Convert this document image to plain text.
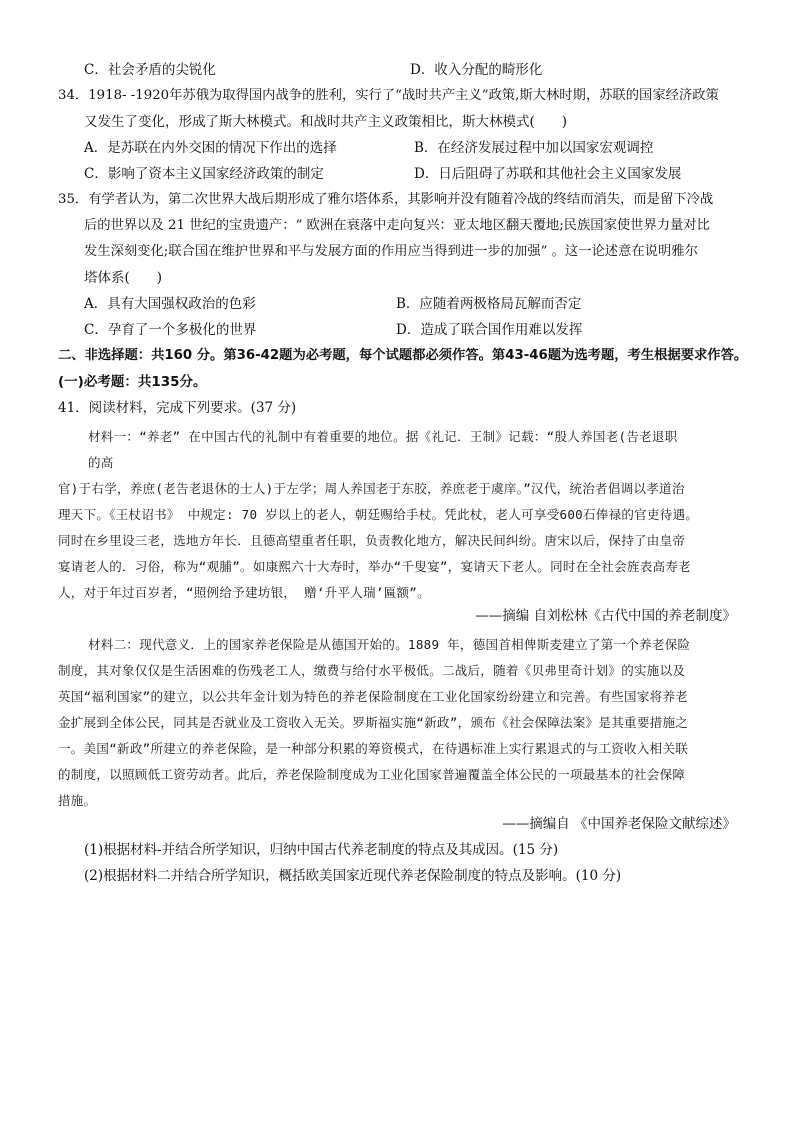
C．社会矛盾的尖锐化	D．收入分配的畸形化
34．1918- -1920年苏俄为取得国内战争的胜利，实行了“战时共产主义”政策,斯大林时期，苏联的国家经济政策
又发生了变化，形成了斯大林模式。和战时共产主义政策相比，斯大林模式(　　)
A．是苏联在内外交困的情况下作出的选择	B．在经济发展过程中加以国家宏观调控
C．影响了资本主义国家经济政策的制定	D．日后阻碍了苏联和其他社会主义国家发展
35．有学者认为，第二次世界大战后期形成了雅尔塔体系，其影响并没有随着冷战的终结而消失，而是留下冷战
后的世界以及 21 世纪的宝贵遗产：“ 欧洲在衰落中走向复兴：亚太地区翻天覆地;民族国家使世界力量对比
发生深刻变化;联合国在维护世界和平与发展方面的作用应当得到进一步的加强” 。这一论述意在说明雅尔
塔体系(　　)
A．具有大国强权政治的色彩	B．应随着两极格局瓦解而否定
C．孕育了一个多极化的世界	D．造成了联合国作用难以发挥
二、非选择题：共160 分。第36-42题为必考题，每个试题都必须作答。第43-46题为选考题，考生根据要求作答。
(一)必考题：共135分。
41．阅读材料，完成下列要求。(37 分)
材料一：“养老” 在中国古代的礼制中有着重要的地位。据《礼记．王制》记载：“殷人养国老(告老退职
的高
官)于右学，养庶(老告老退休的士人)于左学；周人养国老于东胶，养庶老于虞庠。”汉代，统治者倡调以孝道治
理天下。《王杖诏书》 中规定: 70 岁以上的老人，朝廷赐给手杖。凭此杖，老人可享受600石俸禄的官吏待遇。
同时在乡里设三老，选地方年长．且德高望重者任职，负责教化地方，解决民间纠纷。唐宋以后，保持了由皇帝
宴请老人的．习俗，称为“观脯”。如康熙六十大寿时，举办“千叟宴”，宴请天下老人。同时在全社会旌表高寿老
人，对于年过百岁者，“照例给予建坊银， 赠‘升平人瑞’匾额”。
——摘编 自刘松林《古代中国的养老制度》
材料二：现代意义．上的国家养老保险是从德国开始的。1889 年，德国首相俾斯麦建立了第一个养老保险
制度，其对象仅仅是生活困难的伤残老工人，缴费与给付水平极低。二战后，随着《贝弗里奇计划》的实施以及
英国“福利国家”的建立，以公共年金计划为特色的养老保险制度在工业化国家纷纷建立和完善。有些国家将养老
金扩展到全体公民，同其是否就业及工资收入无关。罗斯福实施“新政”，颁布《社会保障法案》是其重要措施之
一。美国“新政”所建立的养老保险，是一种部分积累的筹资模式，在待遇标准上实行累退式的与工资收入相关联
的制度，以照顾低工资劳动者。此后，养老保险制度成为工业化国家普遍覆盖全体公民的一项最基本的社会保障
措施。
——摘编自 《中国养老保险文献综述》
(1)根据材料-并结合所学知识，归纳中国古代养老制度的特点及其成因。(15 分)
(2)根据材料二并结合所学知识，概括欧美国家近现代养老保险制度的特点及影响。(10 分)
